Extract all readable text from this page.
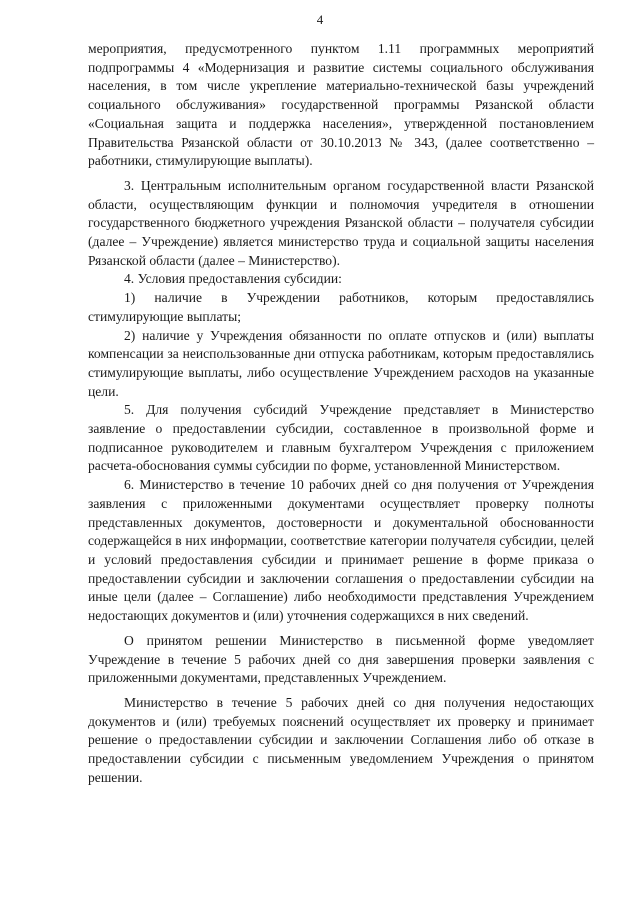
4

мероприятия, предусмотренного пунктом 1.11 программных мероприятий подпрограммы 4 «Модернизация и развитие системы социального обслуживания населения, в том числе укрепление материально-технической базы учреждений социального обслуживания» государственной программы Рязанской области «Социальная защита и поддержка населения», утвержденной постановлением Правительства Рязанской области от 30.10.2013 № 343, (далее соответственно – работники, стимулирующие выплаты).

3. Центральным исполнительным органом государственной власти Рязанской области, осуществляющим функции и полномочия учредителя в отношении государственного бюджетного учреждения Рязанской области – получателя субсидии (далее – Учреждение) является министерство труда и социальной защиты населения Рязанской области (далее – Министерство).

4. Условия предоставления субсидии:

1) наличие в Учреждении работников, которым предоставлялись стимулирующие выплаты;

2) наличие у Учреждения обязанности по оплате отпусков и (или) выплаты компенсации за неиспользованные дни отпуска работникам, которым предоставлялись стимулирующие выплаты, либо осуществление Учреждением расходов на указанные цели.

5. Для получения субсидий Учреждение представляет в Министерство заявление о предоставлении субсидии, составленное в произвольной форме и подписанное руководителем и главным бухгалтером Учреждения с приложением расчета-обоснования суммы субсидии по форме, установленной Министерством.

6. Министерство в течение 10 рабочих дней со дня получения от Учреждения заявления с приложенными документами осуществляет проверку полноты представленных документов, достоверности и документальной обоснованности содержащейся в них информации, соответствие категории получателя субсидии, целей и условий предоставления субсидии и принимает решение в форме приказа о предоставлении субсидии и заключении соглашения о предоставлении субсидии на иные цели (далее – Соглашение) либо необходимости представления Учреждением недостающих документов и (или) уточнения содержащихся в них сведений.

О принятом решении Министерство в письменной форме уведомляет Учреждение в течение 5 рабочих дней со дня завершения проверки заявления с приложенными документами, представленных Учреждением.

Министерство в течение 5 рабочих дней со дня получения недостающих документов и (или) требуемых пояснений осуществляет их проверку и принимает решение о предоставлении субсидии и заключении Соглашения либо об отказе в предоставлении субсидии с письменным уведомлением Учреждения о принятом решении.
